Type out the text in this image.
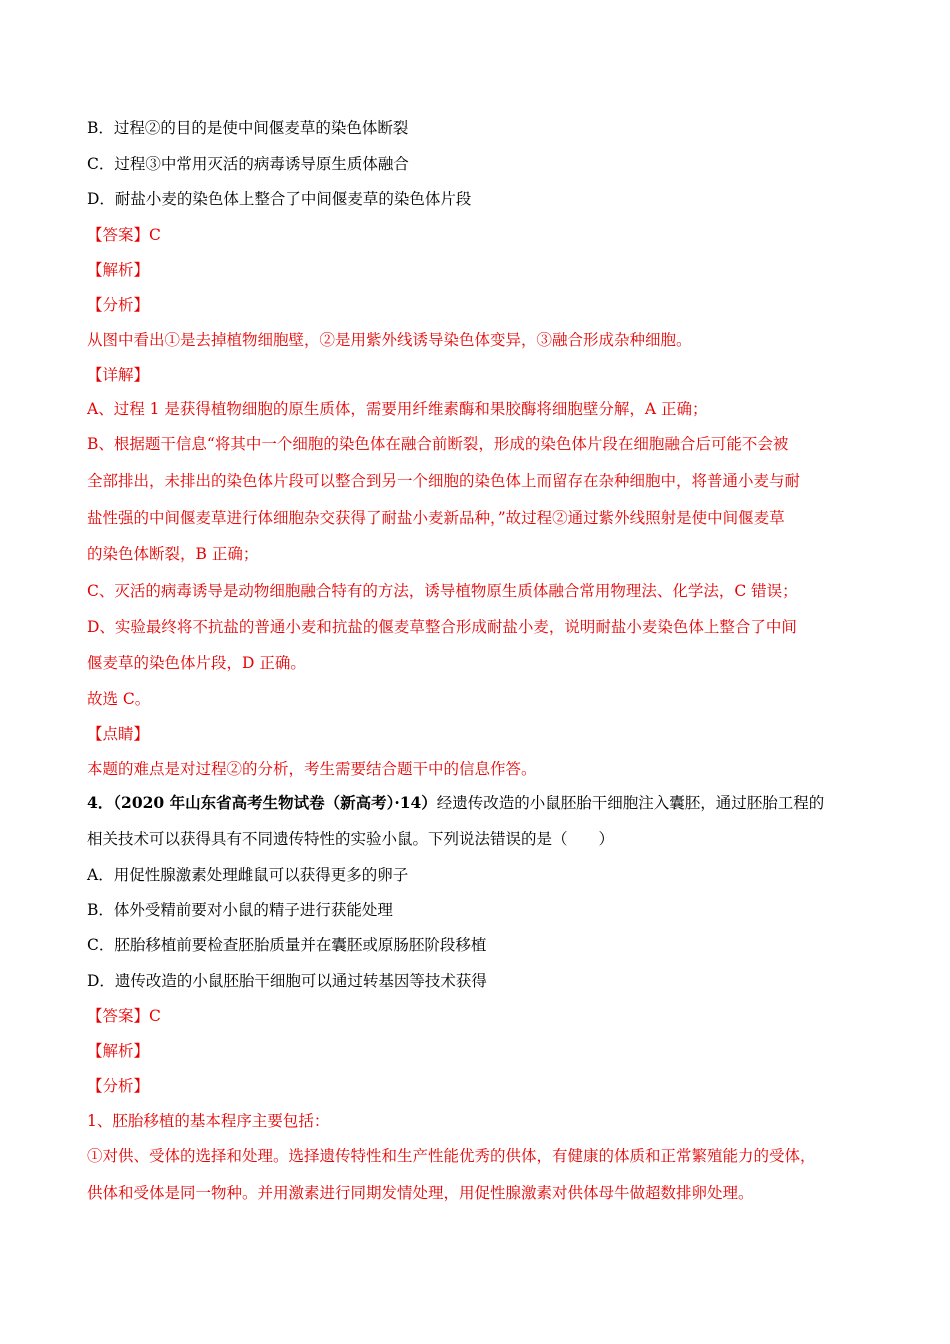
B．过程②的目的是使中间偃麦草的染色体断裂
C．过程③中常用灭活的病毒诱导原生质体融合
D．耐盐小麦的染色体上整合了中间偃麦草的染色体片段
【答案】C
【解析】
【分析】
从图中看出①是去掉植物细胞壁，②是用紫外线诱导染色体变异，③融合形成杂种细胞。
【详解】
A、过程 1 是获得植物细胞的原生质体，需要用纤维素酶和果胶酶将细胞壁分解，A 正确；
B、根据题干信息“将其中一个细胞的染色体在融合前断裂，形成的染色体片段在细胞融合后可能不会被
全部排出，未排出的染色体片段可以整合到另一个细胞的染色体上而留存在杂种细胞中，将普通小麦与耐
盐性强的中间偃麦草进行体细胞杂交获得了耐盐小麦新品种，”故过程②通过紫外线照射是使中间偃麦草
的染色体断裂，B 正确；
C、灭活的病毒诱导是动物细胞融合特有的方法，诱导植物原生质体融合常用物理法、化学法，C 错误；
D、实验最终将不抗盐的普通小麦和抗盐的偃麦草整合形成耐盐小麦，说明耐盐小麦染色体上整合了中间
偃麦草的染色体片段，D 正确。
故选 C。
【点睛】
本题的难点是对过程②的分析，考生需要结合题干中的信息作答。
4．（2020 年山东省高考生物试卷（新高考）·14）经遗传改造的小鼠胚胎干细胞注入囊胚，通过胚胎工程的
相关技术可以获得具有不同遗传特性的实验小鼠。下列说法错误的是（　　）
A．用促性腺激素处理雌鼠可以获得更多的卵子
B．体外受精前要对小鼠的精子进行获能处理
C．胚胎移植前要检查胚胎质量并在囊胚或原肠胚阶段移植
D．遗传改造的小鼠胚胎干细胞可以通过转基因等技术获得
【答案】C
【解析】
【分析】
1、胚胎移植的基本程序主要包括：
①对供、受体的选择和处理。选择遗传特性和生产性能优秀的供体，有健康的体质和正常繁殖能力的受体，
供体和受体是同一物种。并用激素进行同期发情处理，用促性腺激素对供体母牛做超数排卵处理。
